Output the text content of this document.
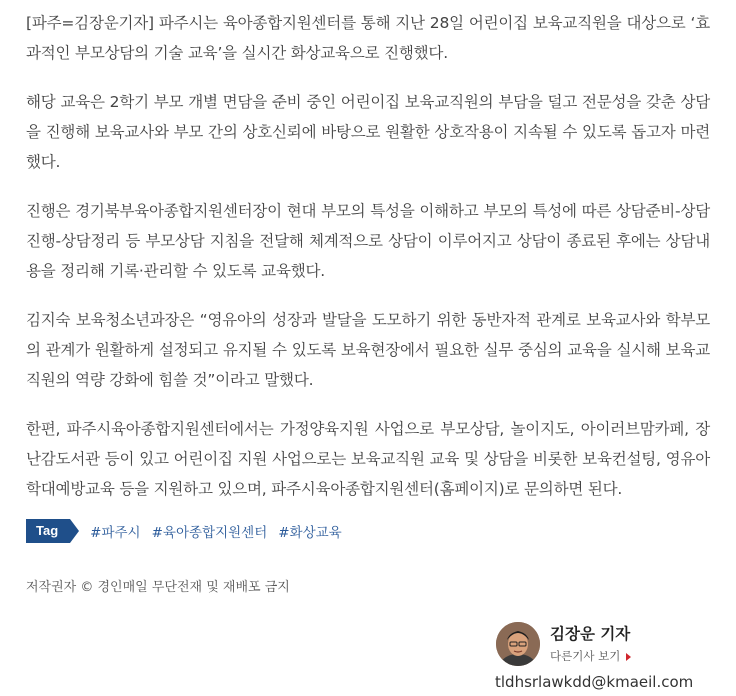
[파주=김장운기자] 파주시는 육아종합지원센터를 통해 지난 28일 어린이집 보육교직원을 대상으로 ‘효과적인 부모상담의 기술 교육’을 실시간 화상교육으로 진행했다.

해당 교육은 2학기 부모 개별 면담을 준비 중인 어린이집 보육교직원의 부담을 덜고 전문성을 갖춘 상담을 진행해 보육교사와 부모 간의 상호신뢰에 바탕으로 원활한 상호작용이 지속될 수 있도록 돕고자 마련했다.

진행은 경기북부육아종합지원센터장이 현대 부모의 특성을 이해하고 부모의 특성에 따른 상담준비-상담진행-상담정리 등 부모상담 지침을 전달해 체계적으로 상담이 이루어지고 상담이 종료된 후에는 상담내용을 정리해 기록·관리할 수 있도록 교육했다.

김지숙 보육청소년과장은 “영유아의 성장과 발달을 도모하기 위한 동반자적 관계로 보육교사와 학부모의 관계가 원활하게 설정되고 유지될 수 있도록 보육현장에서 필요한 실무 중심의 교육을 실시해 보육교직원의 역량 강화에 힘쓸 것”이라고 말했다.

한편, 파주시육아종합지원센터에서는 가정양육지원 사업으로 부모상담, 놀이지도, 아이러브맘카페, 장난감도서관 등이 있고 어린이집 지원 사업으로는 보육교직원 교육 및 상담을 비롯한 보육컨설팅, 영유아 학대예방교육 등을 지원하고 있으며, 파주시육아종합지원센터(홈페이지)로 문의하면 된다.

Tag	#파주시 #육아종합지원센터 #화상교육
저작권자 © 경인매일 무단전재 및 재배포 금지
김장운 기자
다른기사 보기
tldhsrlawkdd@kmaeil.com
